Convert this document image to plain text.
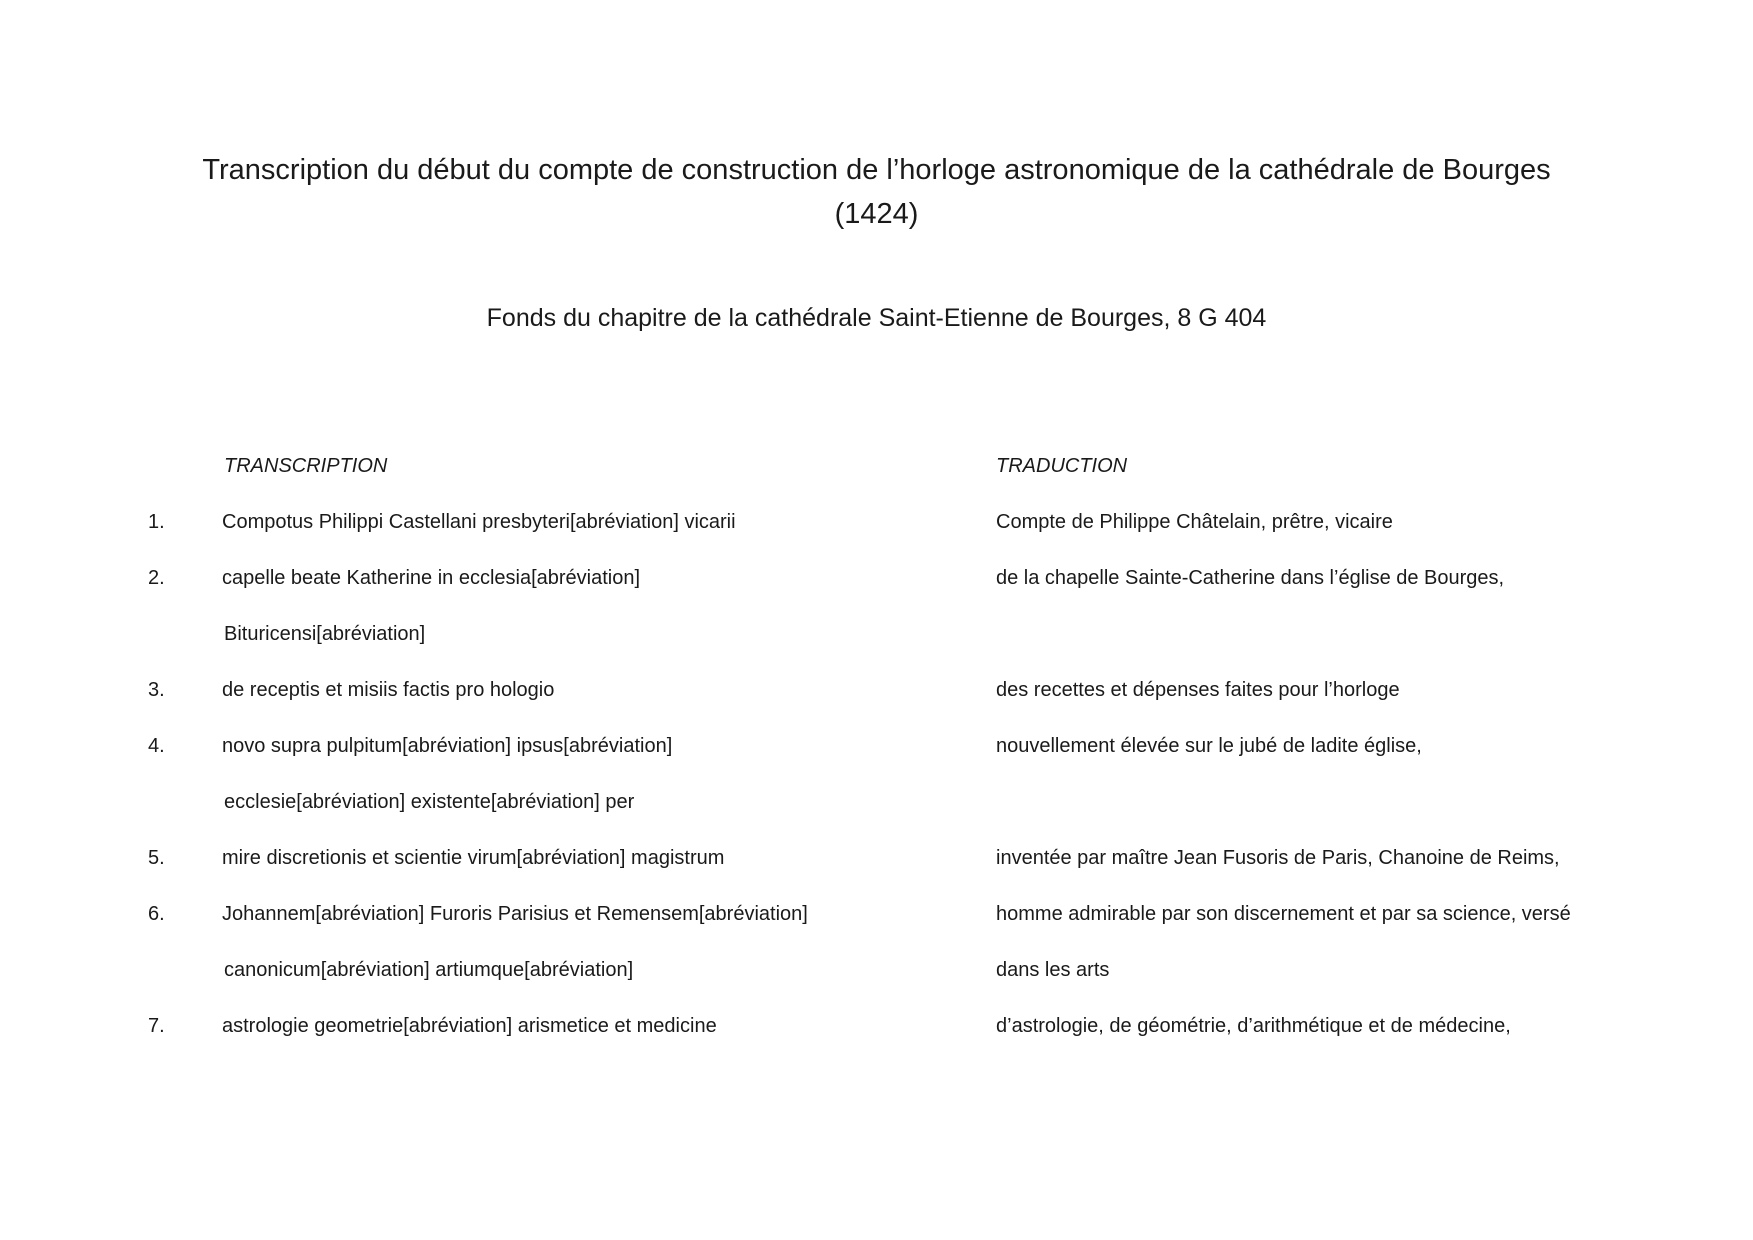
Transcription du début du compte de construction de l’horloge astronomique de la cathédrale de Bourges
(1424)

Fonds du chapitre de la cathédrale Saint-Etienne de Bourges, 8 G 404

TRANSCRIPTION	TRADUCTION
1.	Compotus Philippi Castellani presbyteri[abréviation] vicarii	Compte de Philippe Châtelain, prêtre, vicaire
2.	capelle beate Katherine in ecclesia[abréviation]	de la chapelle Sainte-Catherine dans l’église de Bourges,
Bituricensi[abréviation]
3.	de receptis et misiis factis pro hologio	des recettes et dépenses faites pour l’horloge
4.	novo supra pulpitum[abréviation] ipsus[abréviation]	nouvellement élevée sur le jubé de ladite église,
ecclesie[abréviation] existente[abréviation] per
5.	mire discretionis et scientie virum[abréviation] magistrum	inventée par maître Jean Fusoris de Paris, Chanoine de Reims,
6.	Johannem[abréviation] Furoris Parisius et Remensem[abréviation]	homme admirable par son discernement et par sa science, versé
canonicum[abréviation] artiumque[abréviation]	dans les arts
7.	astrologie geometrie[abréviation] arismetice et medicine	d’astrologie, de géométrie, d’arithmétique et de médecine,
